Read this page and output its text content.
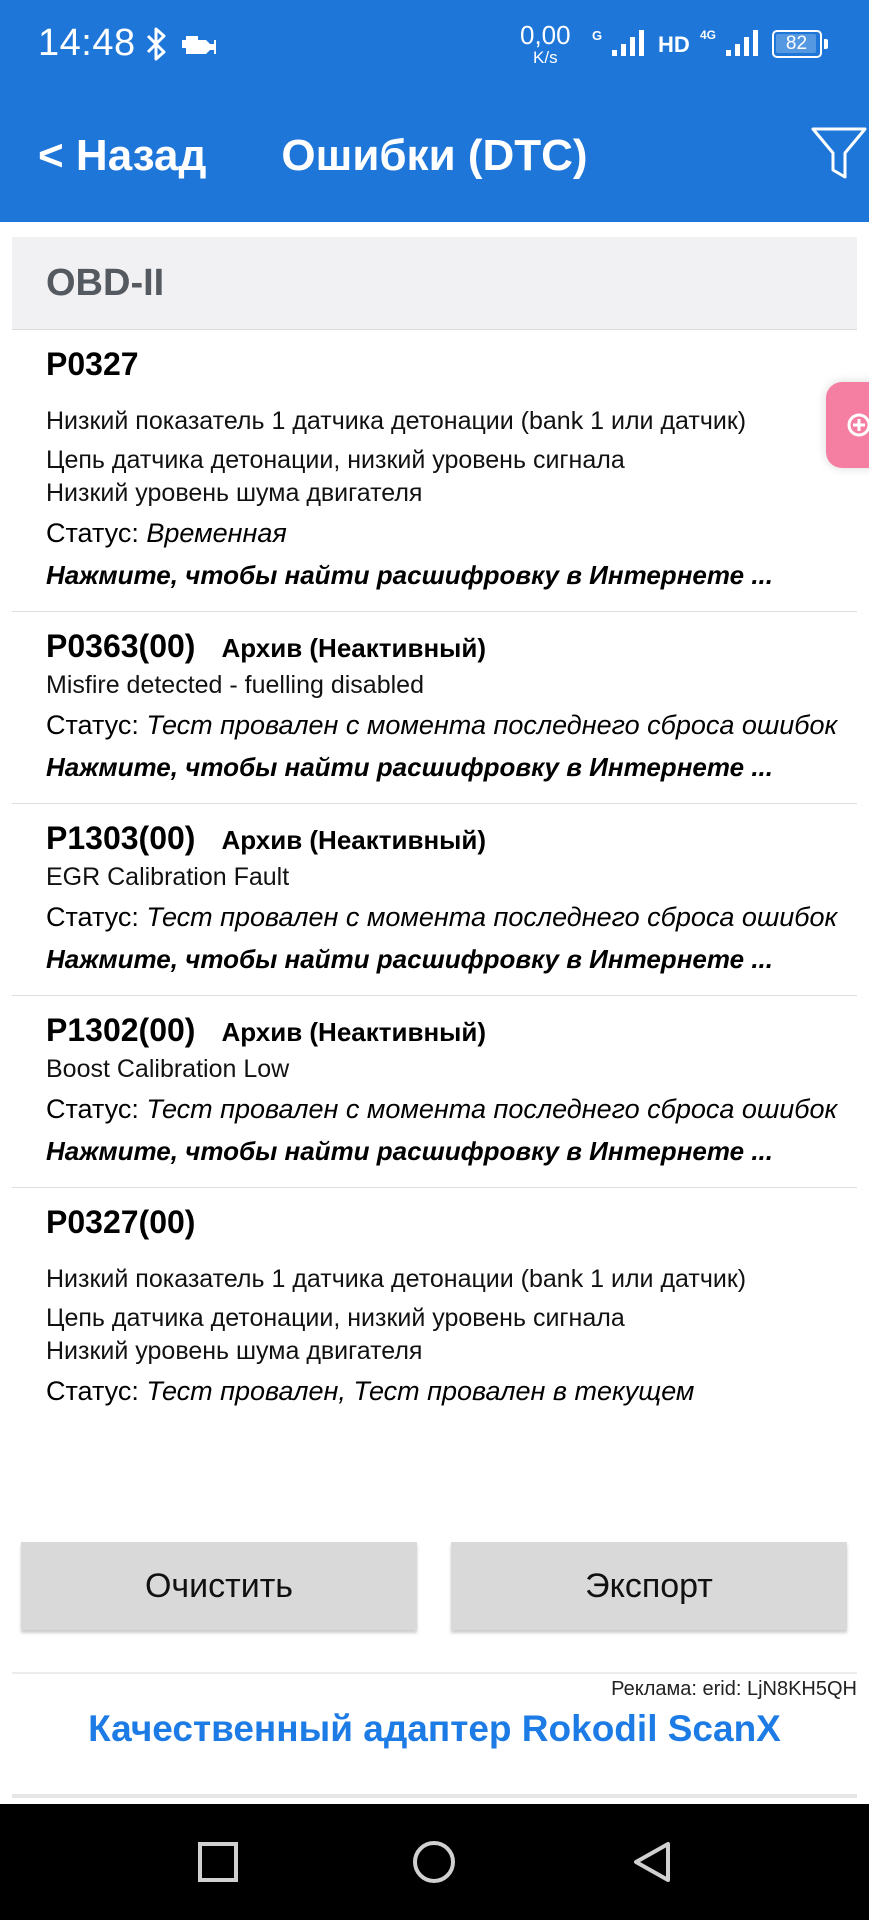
14:48	0,00
K/s
G	HD 4G	82
< Назад	Ошибки (DTC)
OBD-II
P0327
Низкий показатель 1 датчика детонации (bank 1 или датчик)
Цепь датчика детонации, низкий уровень сигнала
Низкий уровень шума двигателя
Статус: Временная
Нажмите, чтобы найти расшифровку в Интернете ...
P0363(00) Архив (Неактивный)
Misfire detected - fuelling disabled
Статус: Тест провален с момента последнего сброса ошибок
Нажмите, чтобы найти расшифровку в Интернете ...
P1303(00) Архив (Неактивный)
EGR Calibration Fault
Статус: Тест провален с момента последнего сброса ошибок
Нажмите, чтобы найти расшифровку в Интернете ...
P1302(00) Архив (Неактивный)
Boost Calibration Low
Статус: Тест провален с момента последнего сброса ошибок
Нажмите, чтобы найти расшифровку в Интернете ...
P0327(00)
Низкий показатель 1 датчика детонации (bank 1 или датчик)
Цепь датчика детонации, низкий уровень сигнала
Низкий уровень шума двигателя
Статус: Тест провален, Тест провален в текущем
Очистить	Экспорт
Реклама: erid: LjN8KH5QH
Качественный адаптер Rokodil ScanX
